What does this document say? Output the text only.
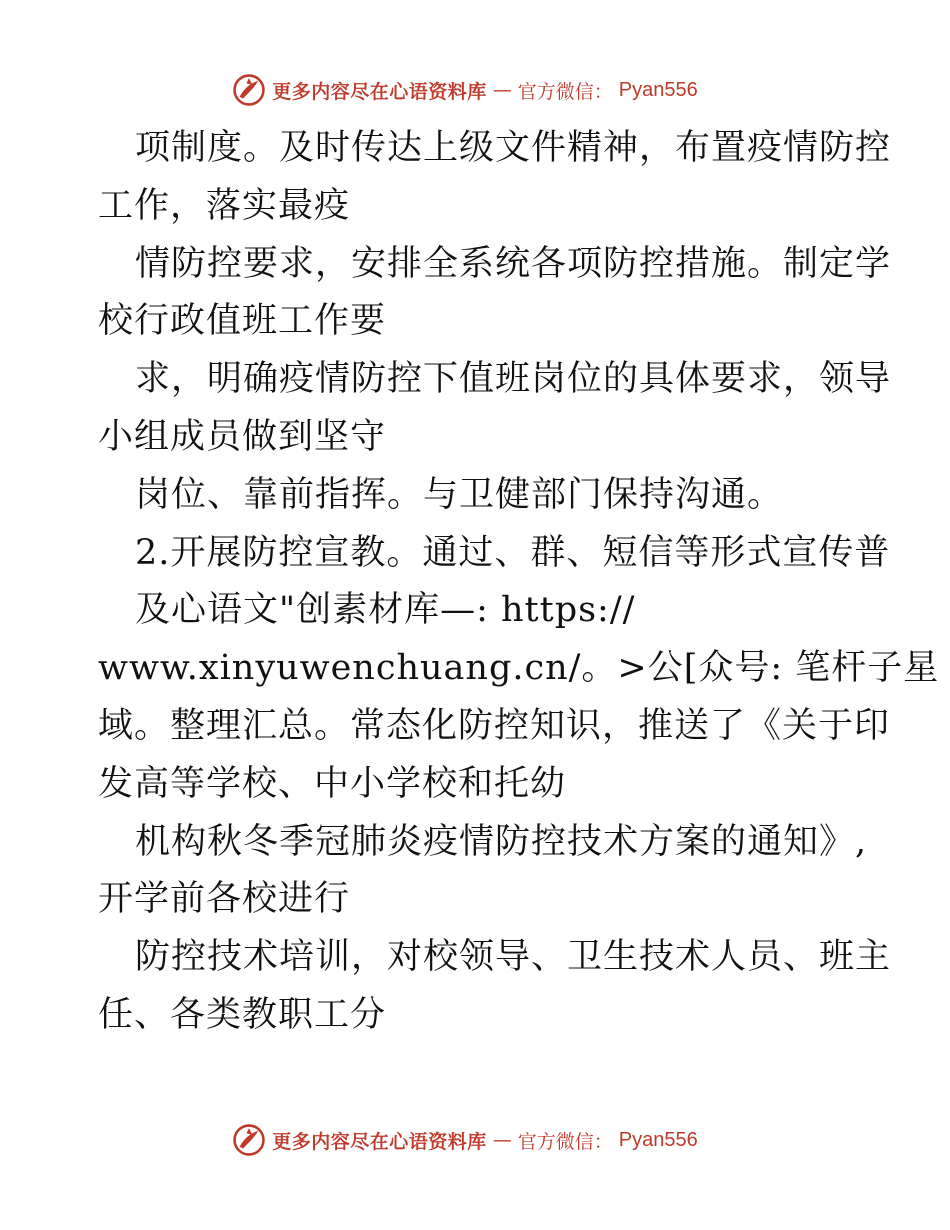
更多内容尽在心语资料库 — 官方微信： Pyan556
项制度。及时传达上级文件精神，布置疫情防控
工作，落实最疫
情防控要求，安排全系统各项防控措施。制定学
校行政值班工作要
求，明确疫情防控下值班岗位的具体要求，领导
小组成员做到坚守
岗位、靠前指挥。与卫健部门保持沟通。
2.开展防控宣教。通过、群、短信等形式宣传普
及心语文"创素材库—: https://
www.xinyuwenchuang.cn/。>公[众号: 笔杆子星
域。整理汇总。常态化防控知识，推送了《关于印
发高等学校、中小学校和托幼
机构秋冬季冠肺炎疫情防控技术方案的通知》,
开学前各校进行
防控技术培训，对校领导、卫生技术人员、班主
任、各类教职工分
更多内容尽在心语资料库 — 官方微信： Pyan556
